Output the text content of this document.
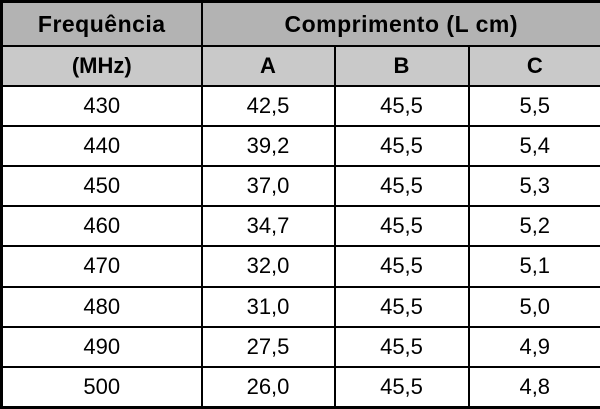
Frequência	Comprimento (L cm)		
(MHz)	A	B	C
430	42,5	45,5	5,5
440	39,2	45,5	5,4
450	37,0	45,5	5,3
460	34,7	45,5	5,2
470	32,0	45,5	5,1
480	31,0	45,5	5,0
490	27,5	45,5	4,9
500	26,0	45,5	4,8
